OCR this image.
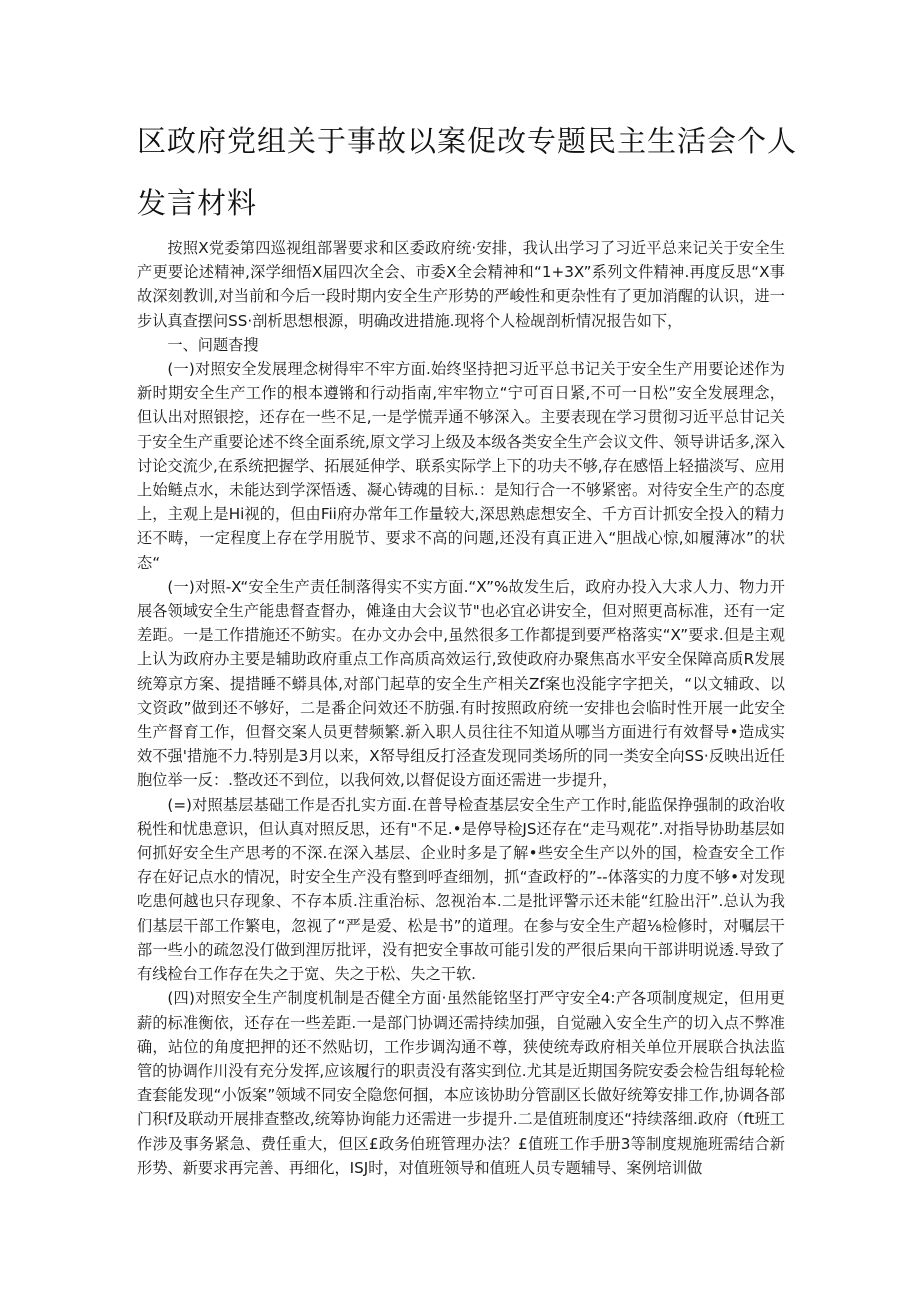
区政府党组关于事故以案促改专题民主生活会个人
发言材料

按照X党委第四巡视组部署要求和区委政府统·安排，我认出学习了习近平总来记关于安全生产更要论述精神,深学细悟X届四次全会、市委X全会精神和“1+3X”系列文件精神.再度反思“X事故深刻教训,对当前和今后一段时期内安全生产形势的严峻性和更杂性有了更加消醒的认识，进一步认真查摆问SS·剖析思想根源，明确改进措施.现将个人检觇剖析情况报告如下，

一、问题杳搜

(一)对照安全发展理念树得牢不牢方面.始终坚持把习近平总书记关于安全生产用要论述作为新时期安全生产工作的根本遵锵和行动指南,牢牢物立“宁可百日紧,不可一日松”安全发展理念，但认出对照银挖，还存在一些不足,一是学慌弄通不够深入。主要表现在学习贯彻习近平总甘记关于安全生产重要论述不终全面系统,原文学习上级及本级各类安全生产会议文件、领导讲话多,深入讨论交流少,在系统把握学、拓展延伸学、联系实际学上下的功夫不够,存在感悟上轻描淡写、应用上始鲢点水，未能达到学深悟透、凝心铸魂的目标.：是知行合一不够紧密。对待安全生产的态度上，主观上是Hi视的，但由Fii府办常年工作量较大,深思熟虑想安全、千方百计抓安全投入的精力还不畴，一定程度上存在学用脱节、要求不高的问题,还没有真正进入“胆战心惊,如履薄冰”的状态“

(一)对照-X“安全生产责任制落得实不实方面.“X”%故发生后，政府办投入大求人力、物力开展各领域安全生产能患督查督办，傩逢由大会议节"也必宜必讲安全，但对照更髙标准，还有一定差距。一是工作措施还不鲂实。在办文办会中,虽然很多工作都提到要严格落实“X”要求.但是主观上认为政府办主要是辅助政府重点工作高质高效运行,致使政府办聚焦髙水平安全保障高质R发展统筹京方案、提措睡不蟒具体,对部门起草的安全生产相关Zf案也没能字字把关，“以文辅政、以文资政”做到还不够好，二是番企问效还不肪强.有时按照政府统一安排也会临时性开展一此安全生产督育工作，但督交案人员更替频繁.新入职人员往往不知道从哪当方面进行有效督导•造成实效不强'措施不力.特别是3月以来，X帑导组反打泾查发现同类场所的同一类安全向SS·反映出近任胞位举一反：.整改还不到位，以我何效,以督促设方面还需进一步提升，

(=)对照基层基础工作是否扎实方面.在普导检查基层安全生产工作时,能监保挣强制的政治收税性和忧患意识，但认真对照反思，还有"不足.•是停导检JS还存在“走马观花”.对指导协助基层如何抓好安全生产思考的不深.在深入基层、企业时多是了解•些安全生产以外的国，检查安全工作存在好记点水的情况，时安全生产没有整到呼查细刎，抓“查政杼的”--体落实的力度不够•对发现吃患何越也只存现象、不存本质.注重治标、忽视治本.二是批评警示还未能“红脸出汗”.总认为我们基层干部工作繁电，忽视了“严是爱、松是书”的道理。在参与安全生产超⅛检修时，对嘱层干部一些小的疏忽没仃做到浬厉批评，没有把安全事故可能引发的严很后果向干部讲明说透.导致了有线检台工作存在失之于宽、失之于松、失之干软.

(四)对照安全生产制度机制是否健全方面·虽然能铭坚打严守安全4:产各项制度规定，但用更薪的标准衡依，还存在一些差距.一是部门协调还需持续加强，自觉融入安全生产的切入点不弊准确，站位的角度把押的还不然贴切，工作步调沟通不尊，狭使统寿政府相关单位开展联合执法监管的协调作川没有充分发挥,应该履行的职责没有落实到位.尤其是近期国务院安委会检告组每轮检査套能发现“小饭案”领域不同安全隐您何掴，本应该协助分管副区长做好统筹安排工作,协调各部门积f及联动开展排查整改,统筹协询能力还需进一步提升.二是值班制度还“持续落细.政府（ft班工作涉及事务紧急、费任重大，但区£政务伯班管理办法？£值班工作手册3等制度规施班需结合新形势、新要求再完善、再细化，ISJ时，对值班领导和值班人员专题辅导、案例培训做
